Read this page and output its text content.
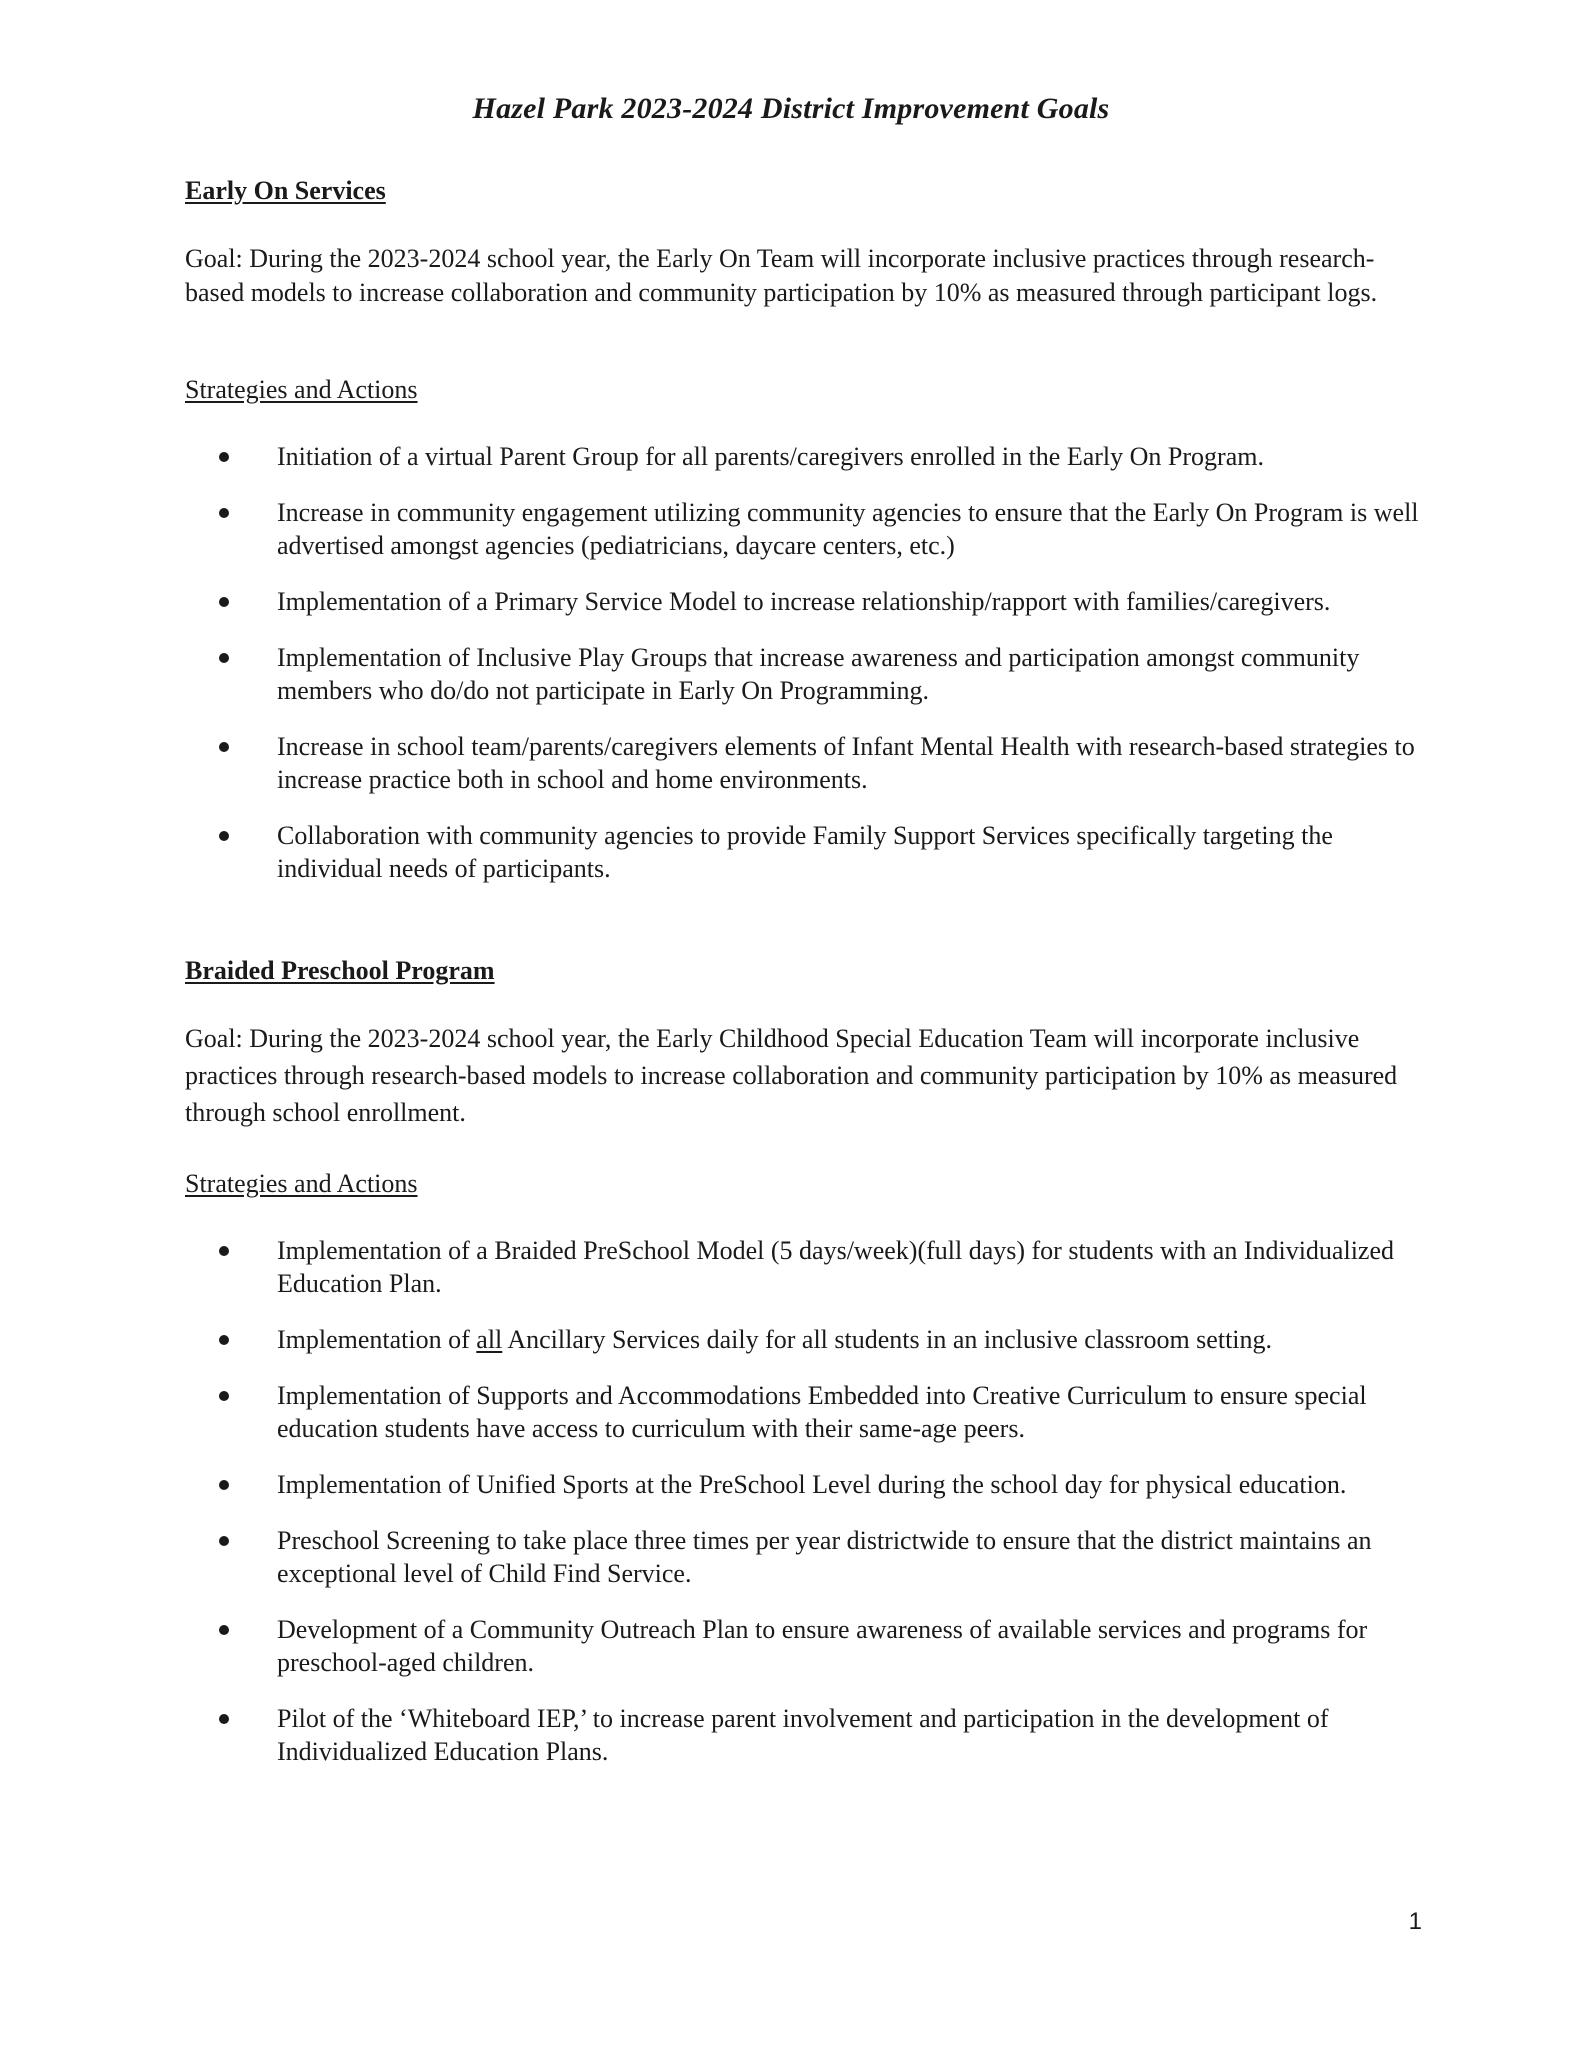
Hazel Park 2023-2024 District Improvement Goals

Early On Services

Goal: During the 2023-2024 school year, the Early On Team will incorporate inclusive practices through research-based models to increase collaboration and community participation by 10% as measured through participant logs.

Strategies and Actions

Initiation of a virtual Parent Group for all parents/caregivers enrolled in the Early On Program.
Increase in community engagement utilizing community agencies to ensure that the Early On Program is well advertised amongst agencies (pediatricians, daycare centers, etc.)
Implementation of a Primary Service Model to increase relationship/rapport with families/caregivers.
Implementation of Inclusive Play Groups that increase awareness and participation amongst community members who do/do not participate in Early On Programming.
Increase in school team/parents/caregivers elements of Infant Mental Health with research-based strategies to increase practice both in school and home environments.
Collaboration with community agencies to provide Family Support Services specifically targeting the individual needs of participants.

Braided Preschool Program

Goal: During the 2023-2024 school year, the Early Childhood Special Education Team will incorporate inclusive practices through research-based models to increase collaboration and community participation by 10% as measured through school enrollment.

Strategies and Actions

Implementation of a Braided PreSchool Model (5 days/week)(full days) for students with an Individualized Education Plan.
Implementation of all Ancillary Services daily for all students in an inclusive classroom setting.
Implementation of Supports and Accommodations Embedded into Creative Curriculum to ensure special education students have access to curriculum with their same-age peers.
Implementation of Unified Sports at the PreSchool Level during the school day for physical education.
Preschool Screening to take place three times per year districtwide to ensure that the district maintains an exceptional level of Child Find Service.
Development of a Community Outreach Plan to ensure awareness of available services and programs for preschool-aged children.
Pilot of the ‘Whiteboard IEP,’ to increase parent involvement and participation in the development of Individualized Education Plans.
1
